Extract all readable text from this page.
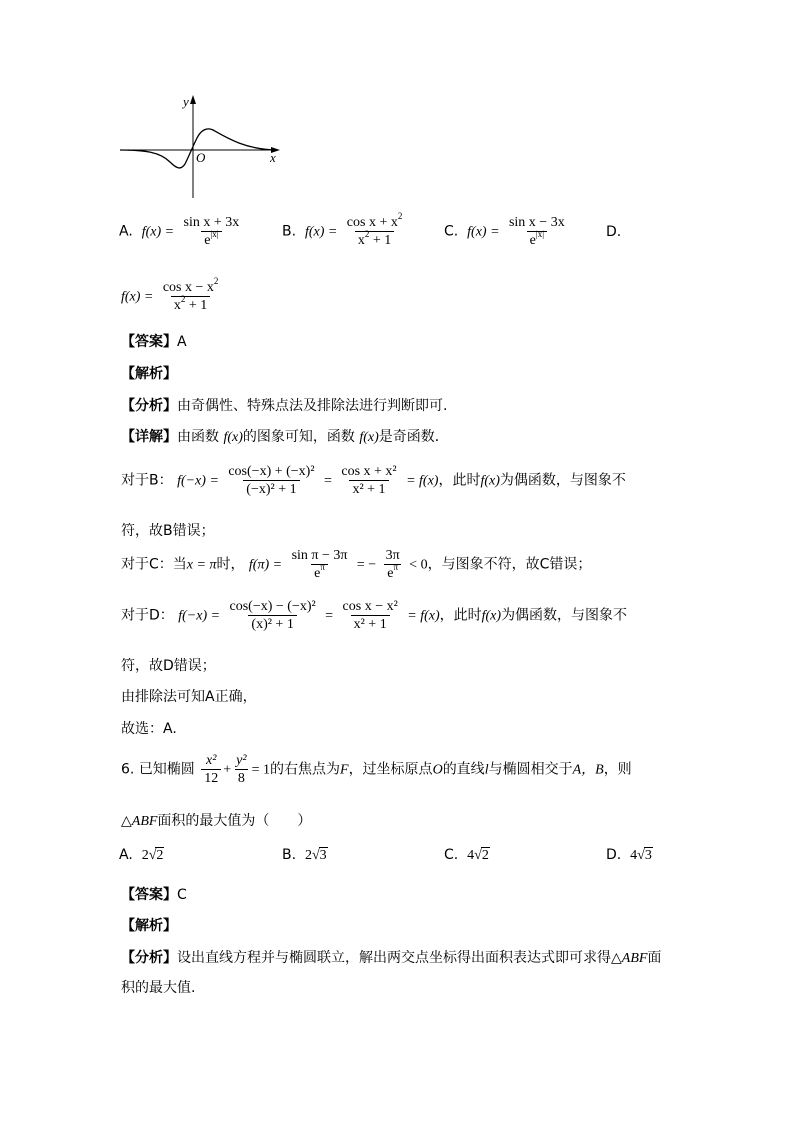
y
x
O
A. $f(x) = \frac{\text{sin x + 3x}}{e^{|x|}}$	B. $f(x) = \frac{\cos x + x^2}{x^2 + 1}$	C. $f(x) = \frac{\text{sin x − 3x}}{e^{|x|}}$	D.
$f(x) = \frac{\cos x - x^2}{x^2 + 1}$
【答案】A
【解析】
【分析】由奇偶性、特殊点法及排除法进行判断即可.
【详解】由函数 f(x)的图象可知，函数 f(x)是奇函数．
对于B： $f(-x) = \frac{\text{cos(−x) + (−x)²}}{\text{(−x)² + 1}} = \frac{\text{cos x + x²}}{\text{x² + 1}} = f(x)$，此时f(x)为偶函数，与图象不
符，故B错误；
对于C：当x = π时， $f(\pi) = \frac{\text{sin π − 3π}}{e^\pi}$ = − $\frac{3\pi}{e^\pi} < 0$，与图象不符，故C错误；
对于D： $f(-x) = \frac{\text{cos(−x) − (−x)²}}{\text{(x)² + 1}} = \frac{\text{cos x − x²}}{\text{x² + 1}} = f(x)$，此时f(x)为偶函数，与图象不
符，故D错误；
由排除法可知A正确，
故选：A.
6. 已知椭圆 $\frac{\text{x²}}{12} + \frac{\text{y²}}{8} = 1$的右焦点为F，过坐标原点O的直线l与椭圆相交于A，B，则
△ABF面积的最大值为（　　）
A. 2√2	B. 2√3	C. 4√2	D. 4√3
【答案】C
【解析】
【分析】设出直线方程并与椭圆联立，解出两交点坐标得出面积表达式即可求得△ABF面
积的最大值.
